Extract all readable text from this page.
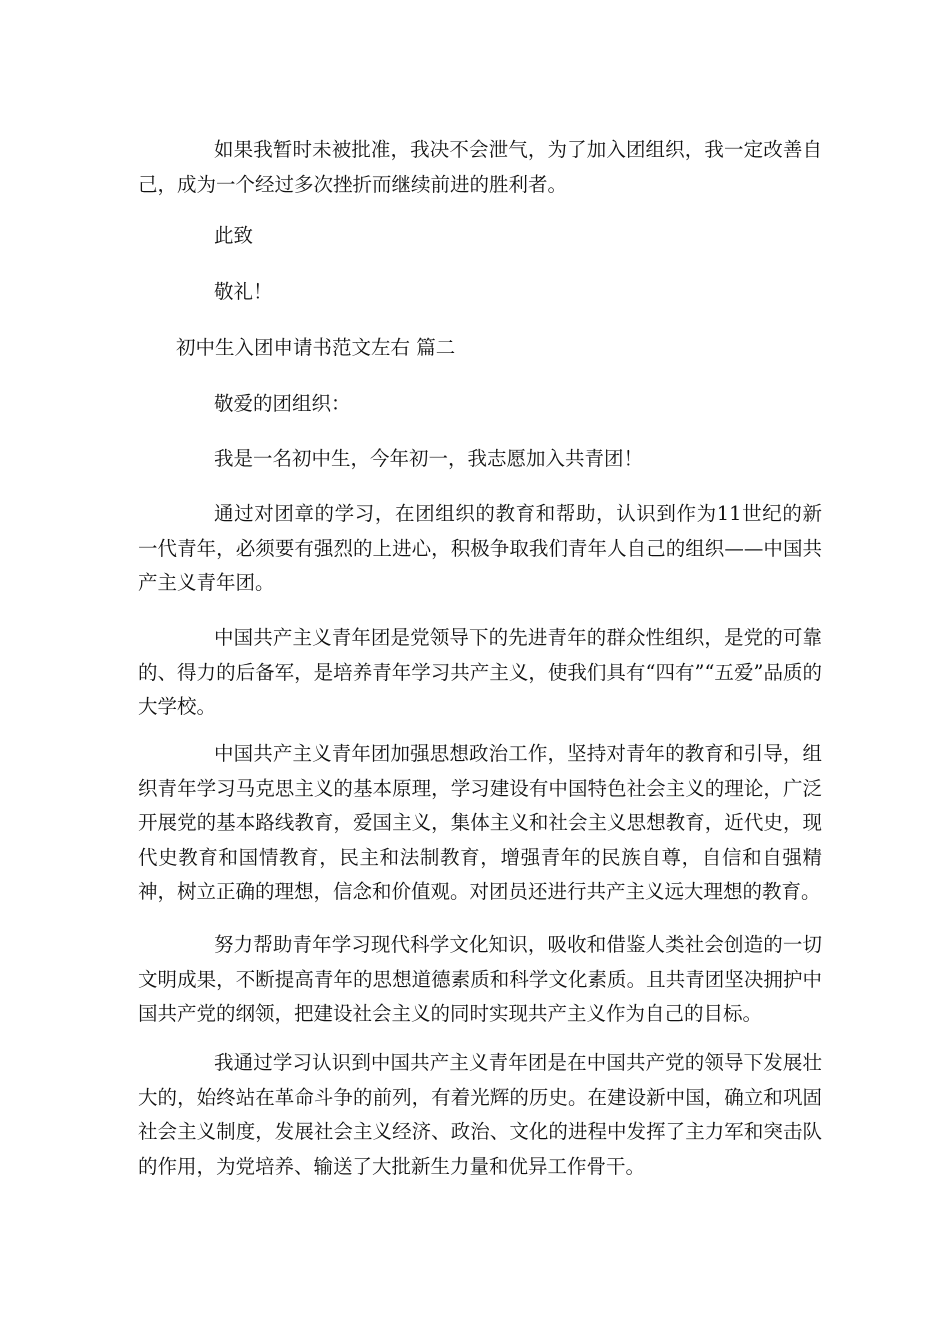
如果我暂时未被批准，我决不会泄气，为了加入团组织，我一定改善自己，成为一个经过多次挫折而继续前进的胜利者。

此致

敬礼！

初中生入团申请书范文左右 篇二

敬爱的团组织：

我是一名初中生，今年初一，我志愿加入共青团！

通过对团章的学习，在团组织的教育和帮助，认识到作为11世纪的新一代青年，必须要有强烈的上进心，积极争取我们青年人自己的组织——中国共产主义青年团。

中国共产主义青年团是党领导下的先进青年的群众性组织，是党的可靠的、得力的后备军，是培养青年学习共产主义，使我们具有“四有”“五爱”品质的大学校。

中国共产主义青年团加强思想政治工作，坚持对青年的教育和引导，组织青年学习马克思主义的基本原理，学习建设有中国特色社会主义的理论，广泛开展党的基本路线教育，爱国主义，集体主义和社会主义思想教育，近代史，现代史教育和国情教育，民主和法制教育，增强青年的民族自尊，自信和自强精神，树立正确的理想，信念和价值观。对团员还进行共产主义远大理想的教育。

努力帮助青年学习现代科学文化知识，吸收和借鉴人类社会创造的一切文明成果，不断提高青年的思想道德素质和科学文化素质。且共青团坚决拥护中国共产党的纲领，把建设社会主义的同时实现共产主义作为自己的目标。

我通过学习认识到中国共产主义青年团是在中国共产党的领导下发展壮大的，始终站在革命斗争的前列，有着光辉的历史。在建设新中国，确立和巩固社会主义制度，发展社会主义经济、政治、文化的进程中发挥了主力军和突击队的作用，为党培养、输送了大批新生力量和优异工作骨干。
